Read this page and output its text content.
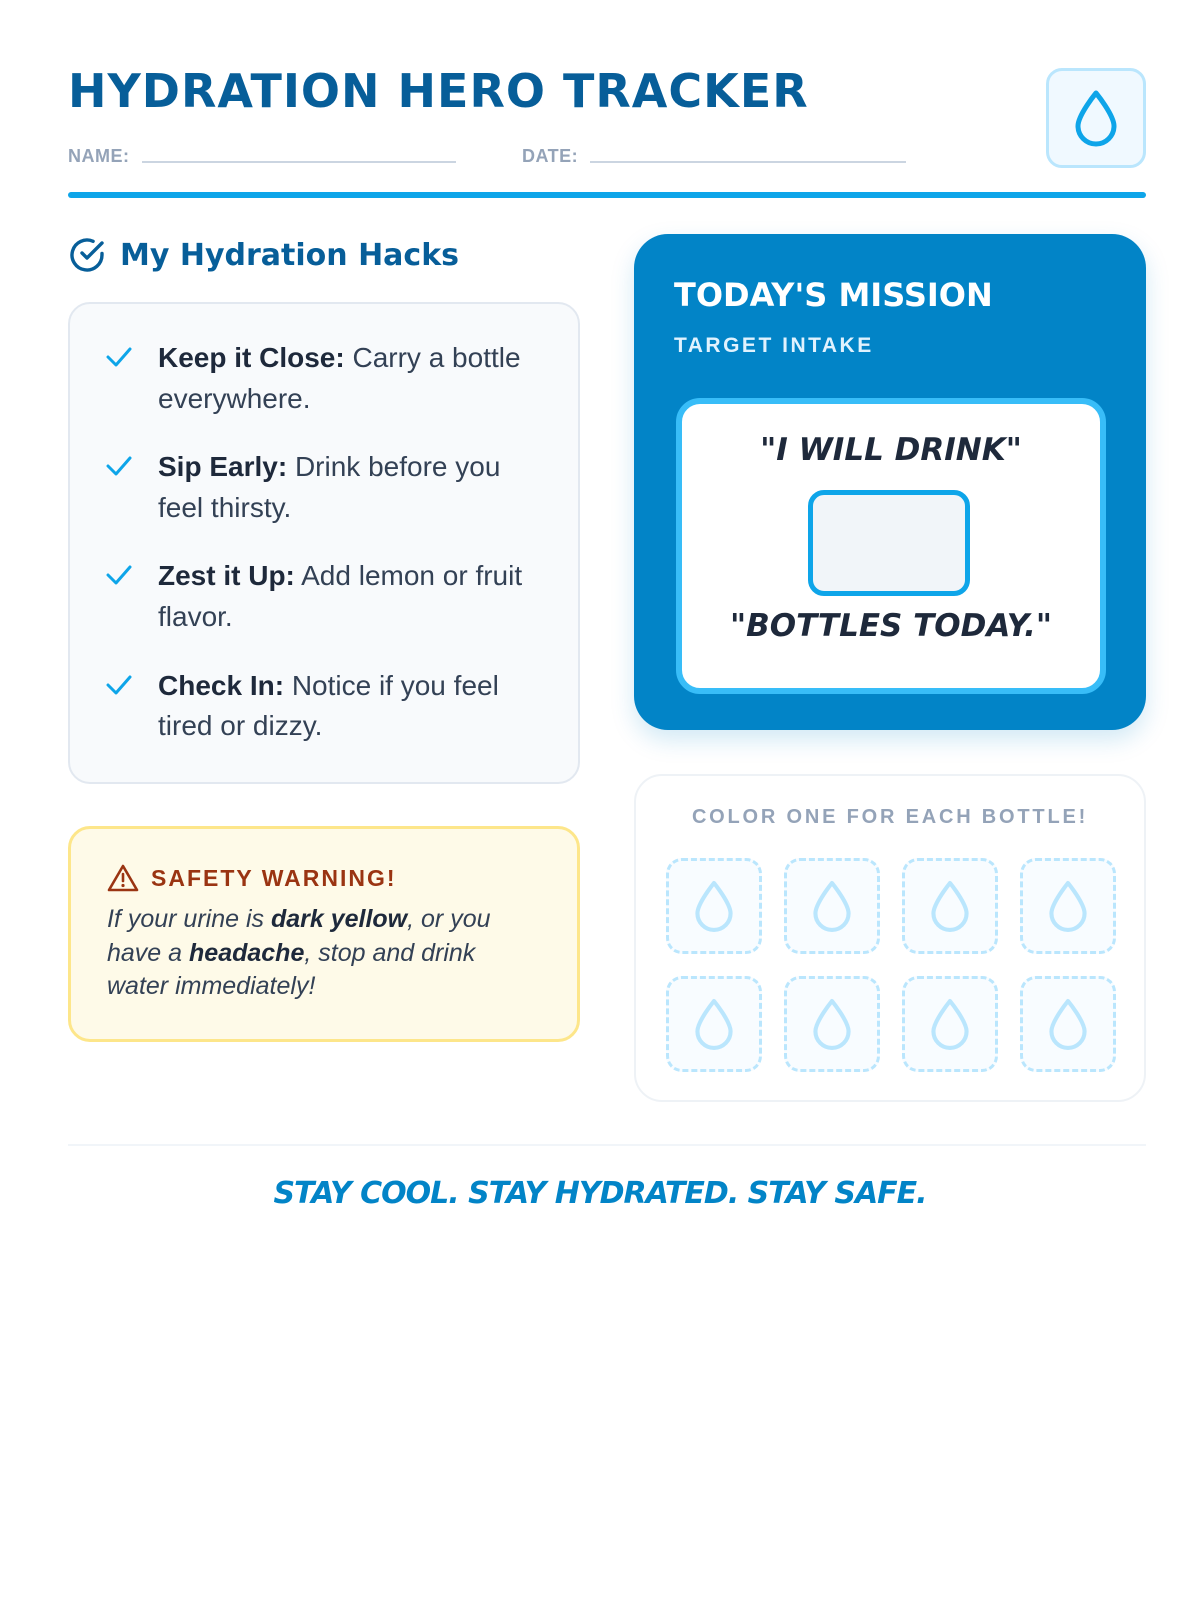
HYDRATION HERO TRACKER
NAME:	DATE:
My Hydration Hacks
Keep it Close: Carry a bottle everywhere.
Sip Early: Drink before you feel thirsty.
Zest it Up: Add lemon or fruit flavor.
Check In: Notice if you feel tired or dizzy.
SAFETY WARNING!
If your urine is dark yellow, or you have a headache, stop and drink water immediately!
TODAY'S MISSION
TARGET INTAKE
"I WILL DRINK"
"BOTTLES TODAY."
COLOR ONE FOR EACH BOTTLE!
STAY COOL. STAY HYDRATED. STAY SAFE.
